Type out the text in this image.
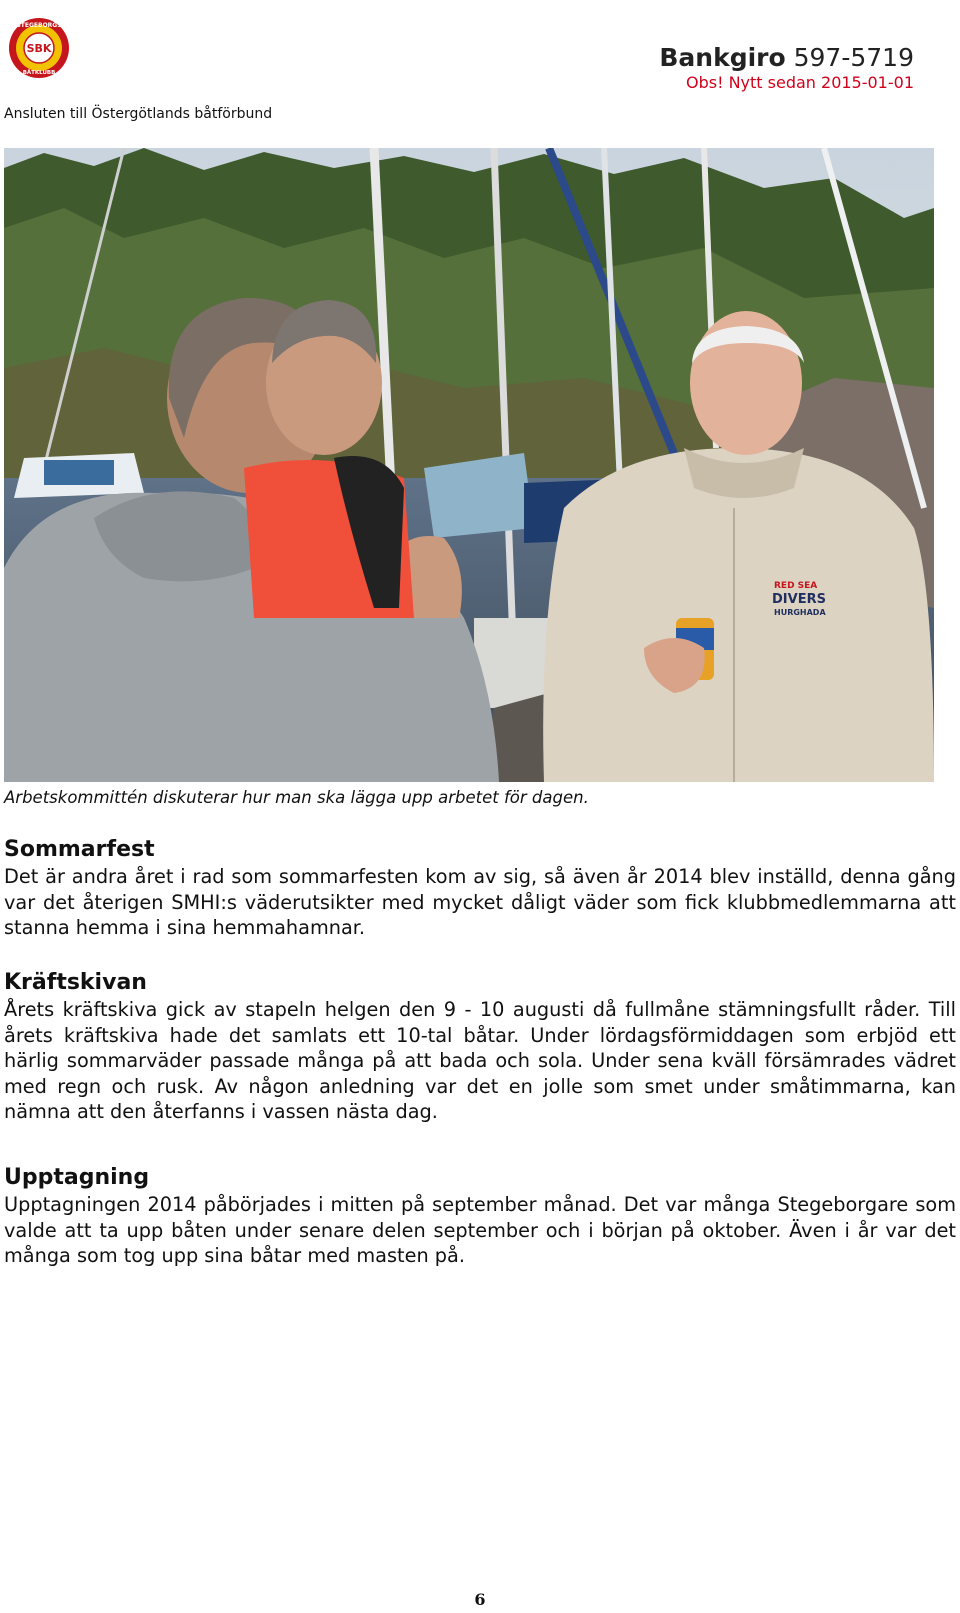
STEGEBORGS
SBK
BÅTKLUBB
Ansluten till Östergötlands båtförbund
Bankgiro 597-5719
Obs! Nytt sedan 2015-01-01
RED SEA
DIVERS
HURGHADA
Arbetskommittén diskuterar hur man ska lägga upp arbetet för dagen.
Sommarfest

Det är andra året i rad som sommarfesten kom av sig, så även år 2014 blev inställd, denna gång var det återigen SMHI:s väderutsikter med mycket dåligt väder som fick klubbmedlemmarna att stanna hemma i sina hemmahamnar.

Kräftskivan

Årets kräftskiva gick av stapeln helgen den 9 - 10 augusti då fullmåne stämningsfullt råder. Till årets kräftskiva hade det samlats ett 10-tal båtar. Under lördagsförmiddagen som erbjöd ett härlig sommarväder passade många på att bada och sola. Under sena kväll försämrades vädret med regn och rusk. Av någon anledning var det en jolle som smet under småtimmarna, kan nämna att den återfanns i vassen nästa dag.

Upptagning

Upptagningen 2014 påbörjades i mitten på september månad. Det var många Stegeborgare som valde att ta upp båten under senare delen september och i början på oktober. Även i år var det många som tog upp sina båtar med masten på.

6
